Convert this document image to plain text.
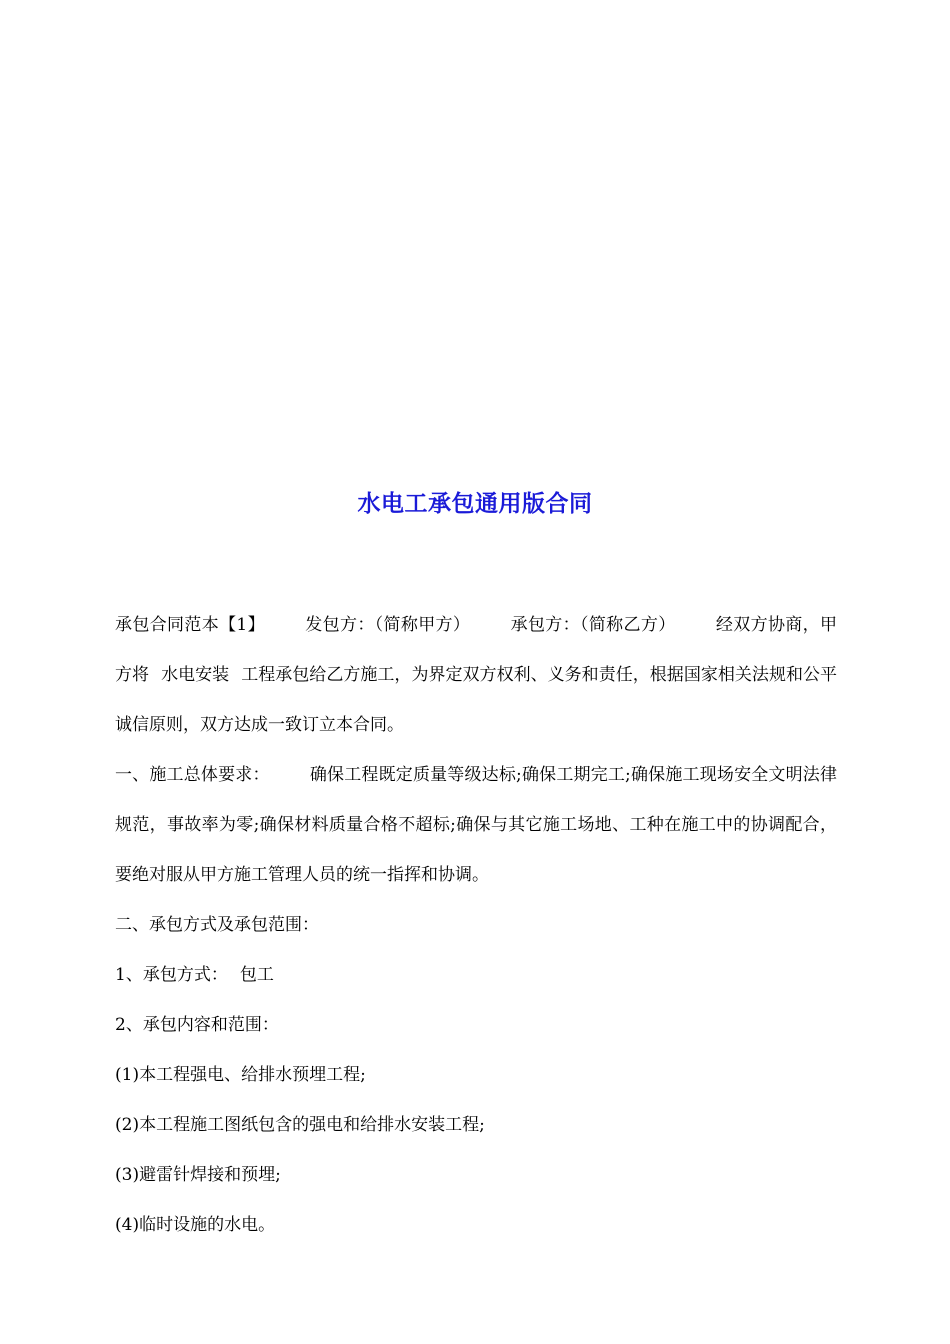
水电工承包通用版合同

承包合同范本【1】 发包方：（简称甲方） 承包方：（简称乙方） 经双方协商，甲方将 水电安装 工程承包给乙方施工，为界定双方权利、义务和责任，根据国家相关法规和公平诚信原则，双方达成一致订立本合同。

一、施工总体要求： 确保工程既定质量等级达标;确保工期完工;确保施工现场安全文明法律规范，事故率为零;确保材料质量合格不超标;确保与其它施工场地、工种在施工中的协调配合，要绝对服从甲方施工管理人员的统一指挥和协调。

二、承包方式及承包范围：

1、承包方式： 包工

2、承包内容和范围：

(1)本工程强电、给排水预埋工程;

(2)本工程施工图纸包含的强电和给排水安装工程;

(3)避雷针焊接和预埋;

(4)临时设施的水电。
